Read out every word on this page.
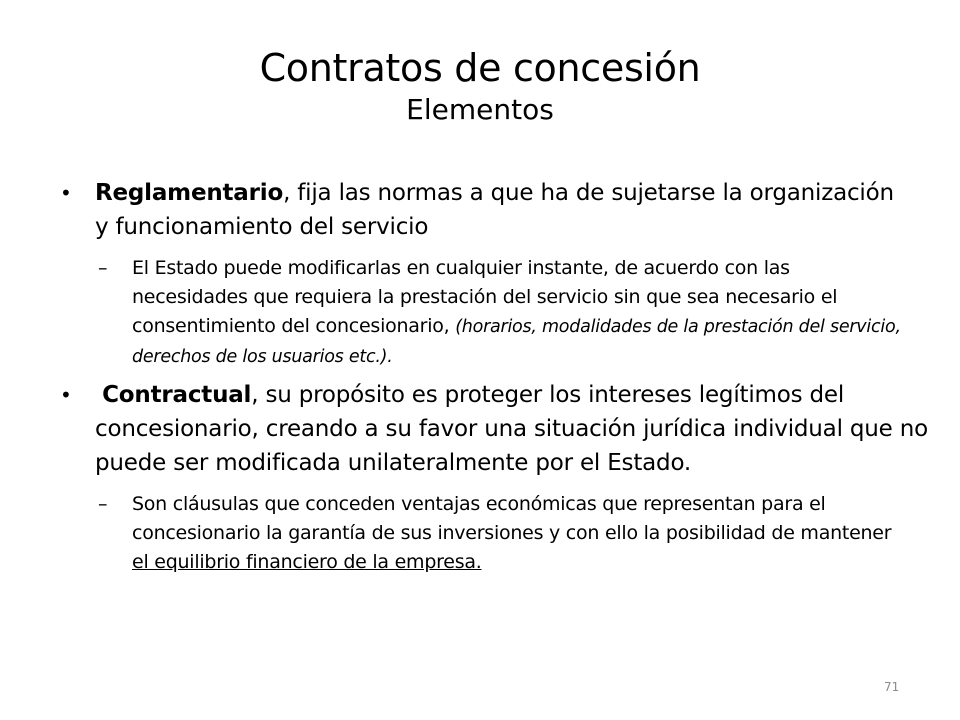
Contratos de concesión
Elementos
• Reglamentario, fija las normas a que ha de sujetarse la organización y funcionamiento del servicio
– El Estado puede modificarlas en cualquier instante, de acuerdo con las necesidades que requiera la prestación del servicio sin que sea necesario el consentimiento del concesionario, (horarios, modalidades de la prestación del servicio, derechos de los usuarios etc.).
• Contractual, su propósito es proteger los intereses legítimos del concesionario, creando a su favor una situación jurídica individual que no puede ser modificada unilateralmente por el Estado.
– Son cláusulas que conceden ventajas económicas que representan para el concesionario la garantía de sus inversiones y con ello la posibilidad de mantener el equilibrio financiero de la empresa.
71
